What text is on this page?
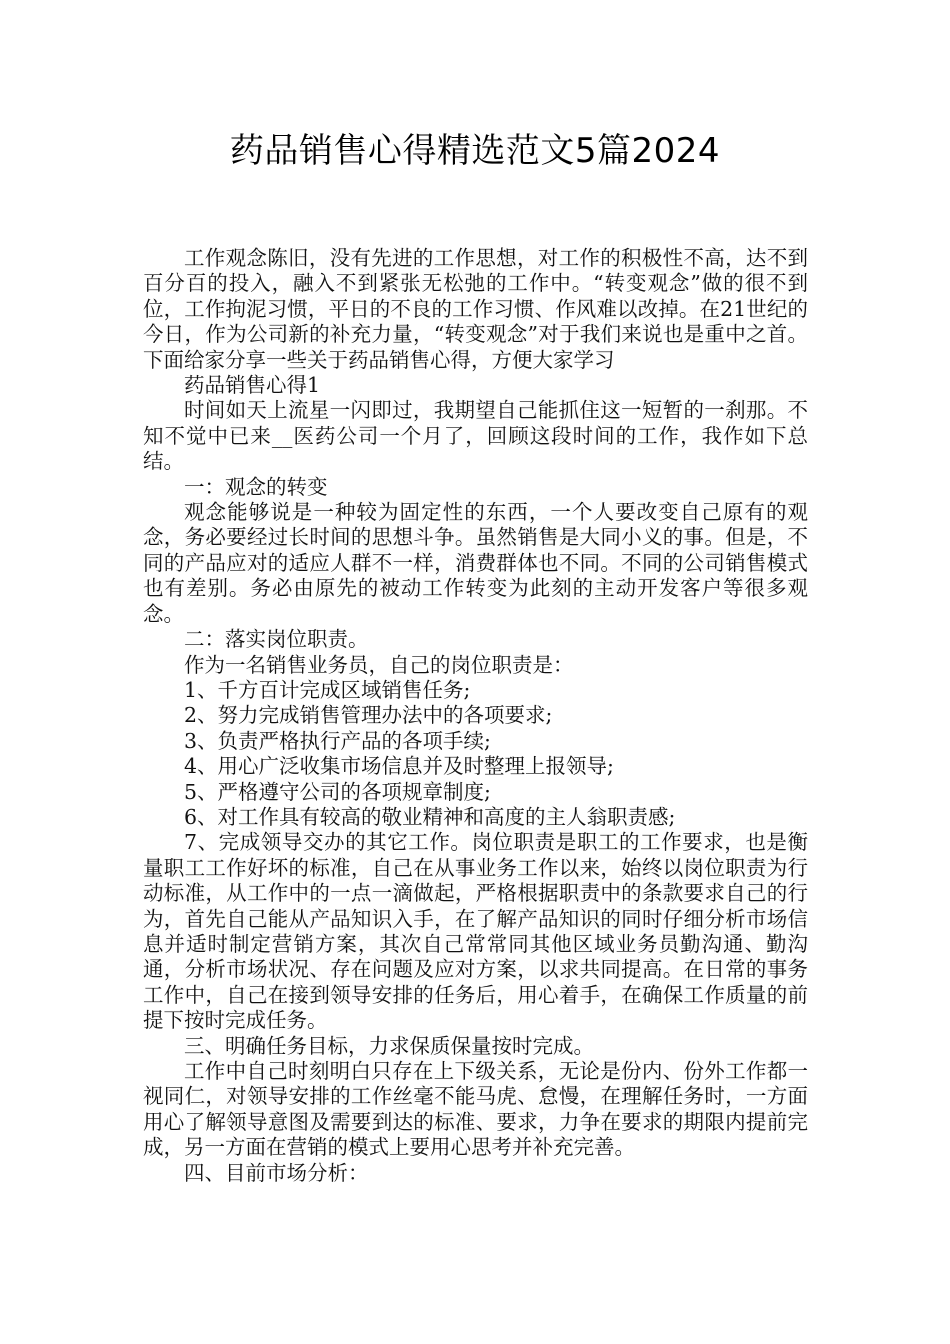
药品销售心得精选范文5篇2024

工作观念陈旧，没有先进的工作思想，对工作的积极性不高，达不到百分百的投入，融入不到紧张无松弛的工作中。“转变观念”做的很不到位，工作拘泥习惯，平日的不良的工作习惯、作风难以改掉。在21世纪的今日，作为公司新的补充力量，“转变观念”对于我们来说也是重中之首。下面给家分享一些关于药品销售心得，方便大家学习

药品销售心得1

时间如天上流星一闪即过，我期望自己能抓住这一短暂的一刹那。不知不觉中已来__医药公司一个月了，回顾这段时间的工作，我作如下总结。

一：观念的转变

观念能够说是一种较为固定性的东西，一个人要改变自己原有的观念，务必要经过长时间的思想斗争。虽然销售是大同小义的事。但是，不同的产品应对的适应人群不一样，消费群体也不同。不同的公司销售模式也有差别。务必由原先的被动工作转变为此刻的主动开发客户等很多观念。

二：落实岗位职责。

作为一名销售业务员，自己的岗位职责是：

1、千方百计完成区域销售任务;

2、努力完成销售管理办法中的各项要求;

3、负责严格执行产品的各项手续;

4、用心广泛收集市场信息并及时整理上报领导;

5、严格遵守公司的各项规章制度;

6、对工作具有较高的敬业精神和高度的主人翁职责感;

7、完成领导交办的其它工作。岗位职责是职工的工作要求，也是衡量职工工作好坏的标准，自己在从事业务工作以来，始终以岗位职责为行动标准，从工作中的一点一滴做起，严格根据职责中的条款要求自己的行为，首先自己能从产品知识入手，在了解产品知识的同时仔细分析市场信息并适时制定营销方案，其次自己常常同其他区域业务员勤沟通、勤沟通，分析市场状况、存在问题及应对方案，以求共同提高。在日常的事务工作中，自己在接到领导安排的任务后，用心着手，在确保工作质量的前提下按时完成任务。

三、明确任务目标，力求保质保量按时完成。

工作中自己时刻明白只存在上下级关系，无论是份内、份外工作都一视同仁，对领导安排的工作丝毫不能马虎、怠慢，在理解任务时，一方面用心了解领导意图及需要到达的标准、要求，力争在要求的期限内提前完成，另一方面在营销的模式上要用心思考并补充完善。

四、目前市场分析：
